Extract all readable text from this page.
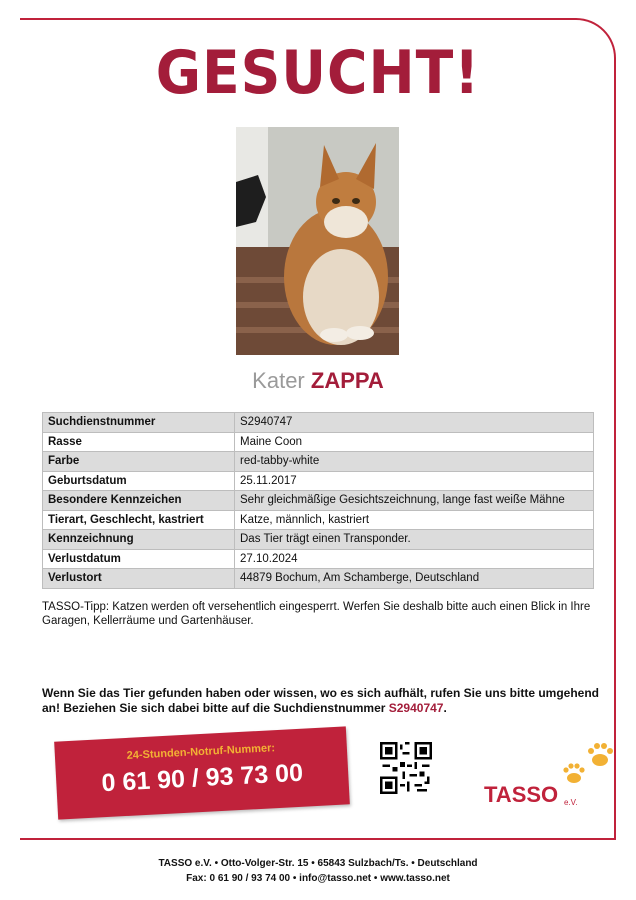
GESUCHT!
Kater ZAPPA
Suchdienstnummer	S2940747
Rasse	Maine Coon
Farbe	red-tabby-white
Geburtsdatum	25.11.2017
Besondere Kennzeichen	Sehr gleichmäßige Gesichtszeichnung, lange fast weiße Mähne
Tierart, Geschlecht, kastriert	Katze, männlich, kastriert
Kennzeichnung	Das Tier trägt einen Transponder.
Verlustdatum	27.10.2024
Verlustort	44879 Bochum, Am Schamberge, Deutschland
TASSO-Tipp: Katzen werden oft versehentlich eingesperrt. Werfen Sie deshalb bitte auch einen Blick in Ihre Garagen, Kellerräume und Gartenhäuser.
Wenn Sie das Tier gefunden haben oder wissen, wo es sich aufhält, rufen Sie uns bitte umgehend an! Beziehen Sie sich dabei bitte auf die Suchdienstnummer S2940747.
24-Stunden-Notruf-Nummer:
0 61 90 / 93 73 00	TASSO e.V.
TASSO e.V. • Otto-Volger-Str. 15 • 65843 Sulzbach/Ts. • Deutschland
Fax: 0 61 90 / 93 74 00 • info@tasso.net • www.tasso.net
